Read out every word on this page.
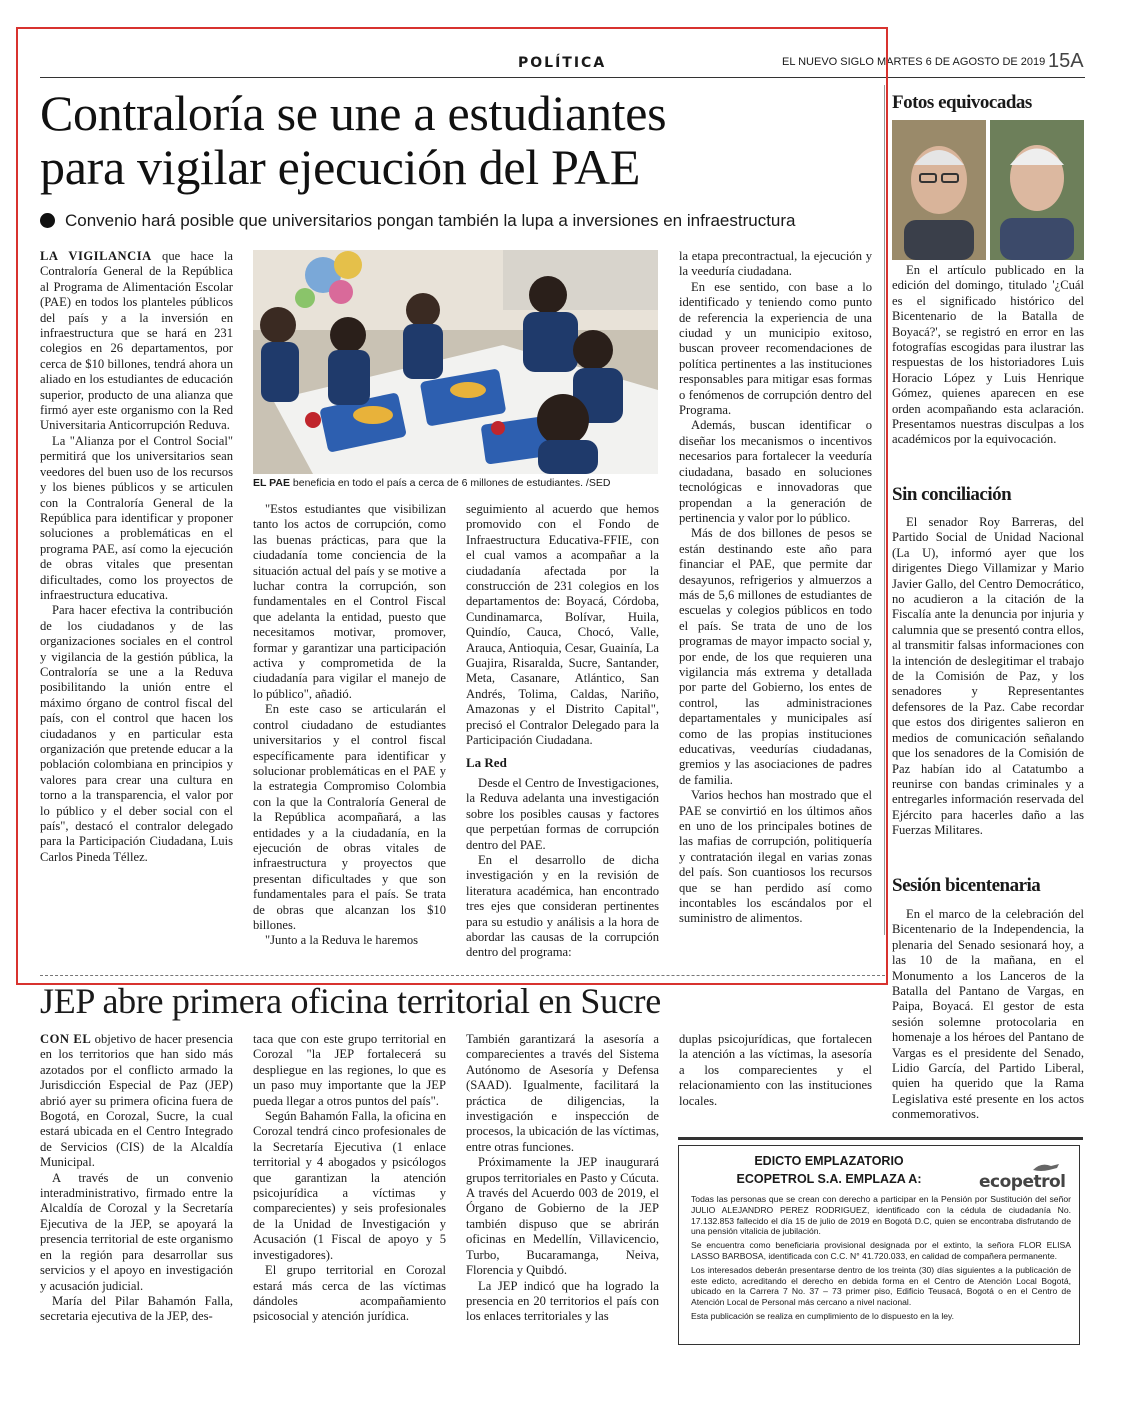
POLÍTICA	EL NUEVO SIGLO MARTES 6 DE AGOSTO DE 2019 15A
Contraloría se une a estudiantes
para vigilar ejecución del PAE
Convenio hará posible que universitarios pongan también la lupa a inversiones en infraestructura

LA VIGILANCIA que hace la Contraloría General de la República al Programa de Alimentación Escolar (PAE) en todos los planteles públicos del país y a la inversión en infraestructura que se hará en 231 colegios en 26 departamentos, por cerca de $10 billones, tendrá ahora un aliado en los estudiantes de educación superior, producto de una alianza que firmó ayer este organismo con la Red Universitaria Anticorrupción Reduva.

La "Alianza por el Control Social" permitirá que los universitarios sean veedores del buen uso de los recursos y los bienes públicos y se articulen con la Contraloría General de la República para identificar y proponer soluciones a problemáticas en el programa PAE, así como la ejecución de obras vitales que presentan dificultades, como los proyectos de infraestructura educativa.

Para hacer efectiva la contribución de los ciudadanos y de las organizaciones sociales en el control y vigilancia de la gestión pública, la Contraloría se une a la Reduva posibilitando la unión entre el máximo órgano de control fiscal del país, con el control que hacen los ciudadanos y en particular esta organización que pretende educar a la población colombiana en principios y valores para crear una cultura en torno a la transparencia, el valor por lo público y el deber social con el país", destacó el contralor delegado para la Participación Ciudadana, Luis Carlos Pineda Téllez.

EL PAE beneficia en todo el país a cerca de 6 millones de estudiantes. /SED

"Estos estudiantes que visibilizan tanto los actos de corrupción, como las buenas prácticas, para que la ciudadanía tome conciencia de la situación actual del país y se motive a luchar contra la corrupción, son fundamentales en el Control Fiscal que adelanta la entidad, puesto que necesitamos motivar, promover, formar y garantizar una participación activa y comprometida de la ciudadanía para vigilar el manejo de lo público", añadió.

En este caso se articularán el control ciudadano de estudiantes universitarios y el control fiscal específicamente para identificar y solucionar problemáticas en el PAE y la estrategia Compromiso Colombia con la que la Contraloría General de la República acompañará, a las entidades y a la ciudadanía, en la ejecución de obras vitales de infraestructura y proyectos que presentan dificultades y que son fundamentales para el país. Se trata de obras que alcanzan los $10 billones.

"Junto a la Reduva le haremos

seguimiento al acuerdo que hemos promovido con el Fondo de Infraestructura Educativa-FFIE, con el cual vamos a acompañar a la ciudadanía afectada por la construcción de 231 colegios en los departamentos de: Boyacá, Córdoba, Cundinamarca, Bolívar, Huila, Quindío, Cauca, Chocó, Valle, Arauca, Antioquia, Cesar, Guainía, La Guajira, Risaralda, Sucre, Santander, Meta, Casanare, Atlántico, San Andrés, Tolima, Caldas, Nariño, Amazonas y el Distrito Capital", precisó el Contralor Delegado para la Participación Ciudadana.

La Red

Desde el Centro de Investigaciones, la Reduva adelanta una investigación sobre los posibles causas y factores que perpetúan formas de corrupción dentro del PAE.

En el desarrollo de dicha investigación y en la revisión de literatura académica, han encontrado tres ejes que consideran pertinentes para su estudio y análisis a la hora de abordar las causas de la corrupción dentro del programa:

la etapa precontractual, la ejecución y la veeduría ciudadana.

En ese sentido, con base a lo identificado y teniendo como punto de referencia la experiencia de una ciudad y un municipio exitoso, buscan proveer recomendaciones de política pertinentes a las instituciones responsables para mitigar esas formas o fenómenos de corrupción dentro del Programa.

Además, buscan identificar o diseñar los mecanismos o incentivos necesarios para fortalecer la veeduría ciudadana, basado en soluciones tecnológicas e innovadoras que propendan a la generación de pertinencia y valor por lo público.

Más de dos billones de pesos se están destinando este año para financiar el PAE, que permite dar desayunos, refrigerios y almuerzos a más de 5,6 millones de estudiantes de escuelas y colegios públicos en todo el país. Se trata de uno de los programas de mayor impacto social y, por ende, de los que requieren una vigilancia más extrema y detallada por parte del Gobierno, los entes de control, las administraciones departamentales y municipales así como de las propias instituciones educativas, veedurías ciudadanas, gremios y las asociaciones de padres de familia.

Varios hechos han mostrado que el PAE se convirtió en los últimos años en uno de los principales botines de las mafias de corrupción, politiquería y contratación ilegal en varias zonas del país. Son cuantiosos los recursos que se han perdido así como incontables los escándalos por el suministro de alimentos.

Fotos equivocadas

En el artículo publicado en la edición del domingo, titulado '¿Cuál es el significado histórico del Bicentenario de la Batalla de Boyacá?', se registró en error en las fotografías escogidas para ilustrar las respuestas de los historiadores Luis Horacio López y Luis Henrique Gómez, quienes aparecen en ese orden acompañando esta aclaración. Presentamos nuestras disculpas a los académicos por la equivocación.

Sin conciliación

El senador Roy Barreras, del Partido Social de Unidad Nacional (La U), informó ayer que los dirigentes Diego Villamizar y Mario Javier Gallo, del Centro Democrático, no acudieron a la citación de la Fiscalía ante la denuncia por injuria y calumnia que se presentó contra ellos, al transmitir falsas informaciones con la intención de deslegitimar el trabajo de la Comisión de Paz, y los senadores y Representantes defensores de la Paz. Cabe recordar que estos dos dirigentes salieron en medios de comunicación señalando que los senadores de la Comisión de Paz habían ido al Catatumbo a reunirse con bandas criminales y a entregarles información reservada del Ejército para hacerles daño a las Fuerzas Militares.

Sesión bicentenaria

En el marco de la celebración del Bicentenario de la Independencia, la plenaria del Senado sesionará hoy, a las 10 de la mañana, en el Monumento a los Lanceros de la Batalla del Pantano de Vargas, en Paipa, Boyacá. El gestor de esta sesión solemne protocolaria en homenaje a los héroes del Pantano de Vargas es el presidente del Senado, Lidio García, del Partido Liberal, quien ha querido que la Rama Legislativa esté presente en los actos conmemorativos.

JEP abre primera oficina territorial en Sucre

CON EL objetivo de hacer presencia en los territorios que han sido más azotados por el conflicto armado la Jurisdicción Especial de Paz (JEP) abrió ayer su primera oficina fuera de Bogotá, en Corozal, Sucre, la cual estará ubicada en el Centro Integrado de Servicios (CIS) de la Alcaldía Municipal.

A través de un convenio interadministrativo, firmado entre la Alcaldía de Corozal y la Secretaría Ejecutiva de la JEP, se apoyará la presencia territorial de este organismo en la región para desarrollar sus servicios y el apoyo en investigación y acusación judicial.

María del Pilar Bahamón Falla, secretaria ejecutiva de la JEP, des-

taca que con este grupo territorial en Corozal "la JEP fortalecerá su despliegue en las regiones, lo que es un paso muy importante que la JEP pueda llegar a otros puntos del país".

Según Bahamón Falla, la oficina en Corozal tendrá cinco profesionales de la Secretaría Ejecutiva (1 enlace territorial y 4 abogados y psicólogos que garantizan la atención psicojurídica a víctimas y comparecientes) y seis profesionales de la Unidad de Investigación y Acusación (1 Fiscal de apoyo y 5 investigadores).

El grupo territorial en Corozal estará más cerca de las víctimas dándoles acompañamiento psicosocial y atención jurídica.

También garantizará la asesoría a comparecientes a través del Sistema Autónomo de Asesoría y Defensa (SAAD). Igualmente, facilitará la práctica de diligencias, la investigación e inspección de procesos, la ubicación de las víctimas, entre otras funciones.

Próximamente la JEP inaugurará grupos territoriales en Pasto y Cúcuta. A través del Acuerdo 003 de 2019, el Órgano de Gobierno de la JEP también dispuso que se abrirán oficinas en Medellín, Villavicencio, Turbo, Bucaramanga, Neiva, Florencia y Quibdó.

La JEP indicó que ha logrado la presencia en 20 territorios el país con los enlaces territoriales y las

duplas psicojurídicas, que fortalecen la atención a las víctimas, la asesoría a los comparecientes y el relacionamiento con las instituciones locales.

EDICTO EMPLAZATORIO
ECOPETROL S.A. EMPLAZA A:	ecopetrol

Todas las personas que se crean con derecho a participar en la Pensión por Sustitución del señor JULIO ALEJANDRO PEREZ RODRIGUEZ, identificado con la cédula de ciudadanía No. 17.132.853 fallecido el día 15 de julio de 2019 en Bogotá D.C, quien se encontraba disfrutando de una pensión vitalicia de jubilación.

Se encuentra como beneficiaria provisional designada por el extinto, la señora FLOR ELISA LASSO BARBOSA, identificada con C.C. N° 41.720.033, en calidad de compañera permanente.

Los interesados deberán presentarse dentro de los treinta (30) días siguientes a la publicación de este edicto, acreditando el derecho en debida forma en el Centro de Atención Local Bogotá, ubicado en la Carrera 7 No. 37 – 73 primer piso, Edificio Teusacá, Bogotá o en el Centro de Atención Local de Personal más cercano a nivel nacional.

Esta publicación se realiza en cumplimiento de lo dispuesto en la ley.
